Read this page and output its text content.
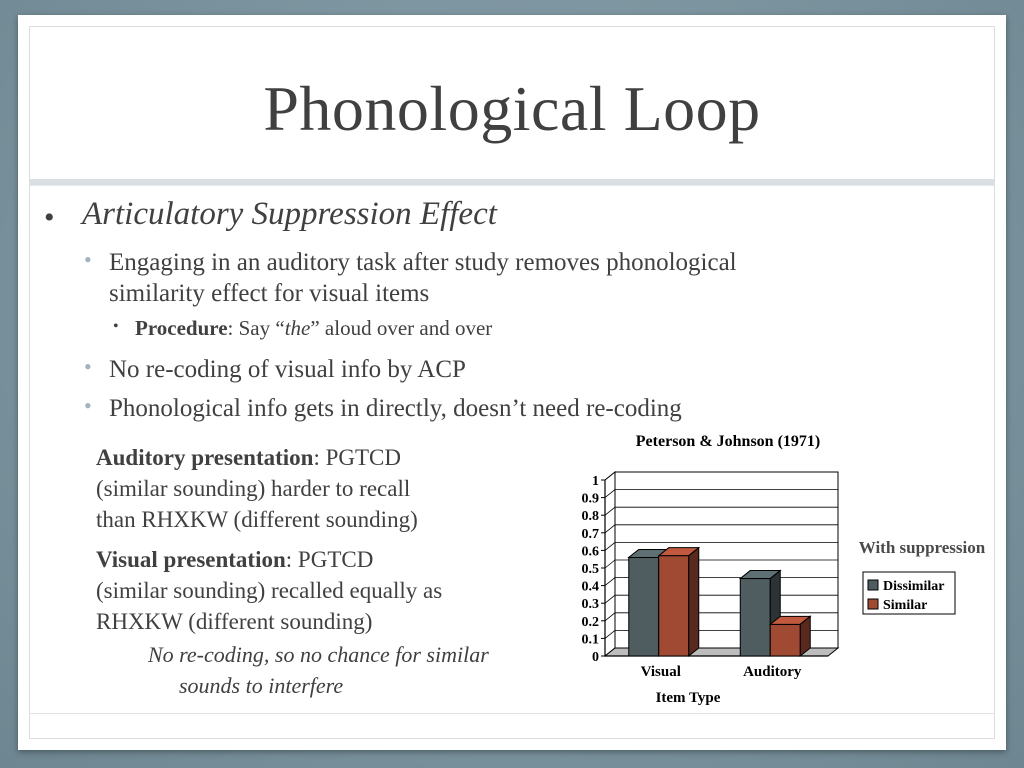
Phonological Loop
• Articulatory Suppression Effect
• Engaging in an auditory task after study removes phonological
similarity effect for visual items
• Procedure: Say “the” aloud over and over
• No re-coding of visual info by ACP
• Phonological info gets in directly, doesn’t need re-coding
Auditory presentation: PGTCD
(similar sounding) harder to recall
than RHXKW (different sounding)
Visual presentation: PGTCD
(similar sounding) recalled equally as
RHXKW (different sounding)
No re-coding, so no chance for similar
sounds to interfere
Peterson & Johnson (1971)
With suppression
Item Type
1
0.9
0.8
0.7
0.6
0.5
0.4
0.3
0.2
0.1
0
Visual	Auditory
Dissimilar
Similar
